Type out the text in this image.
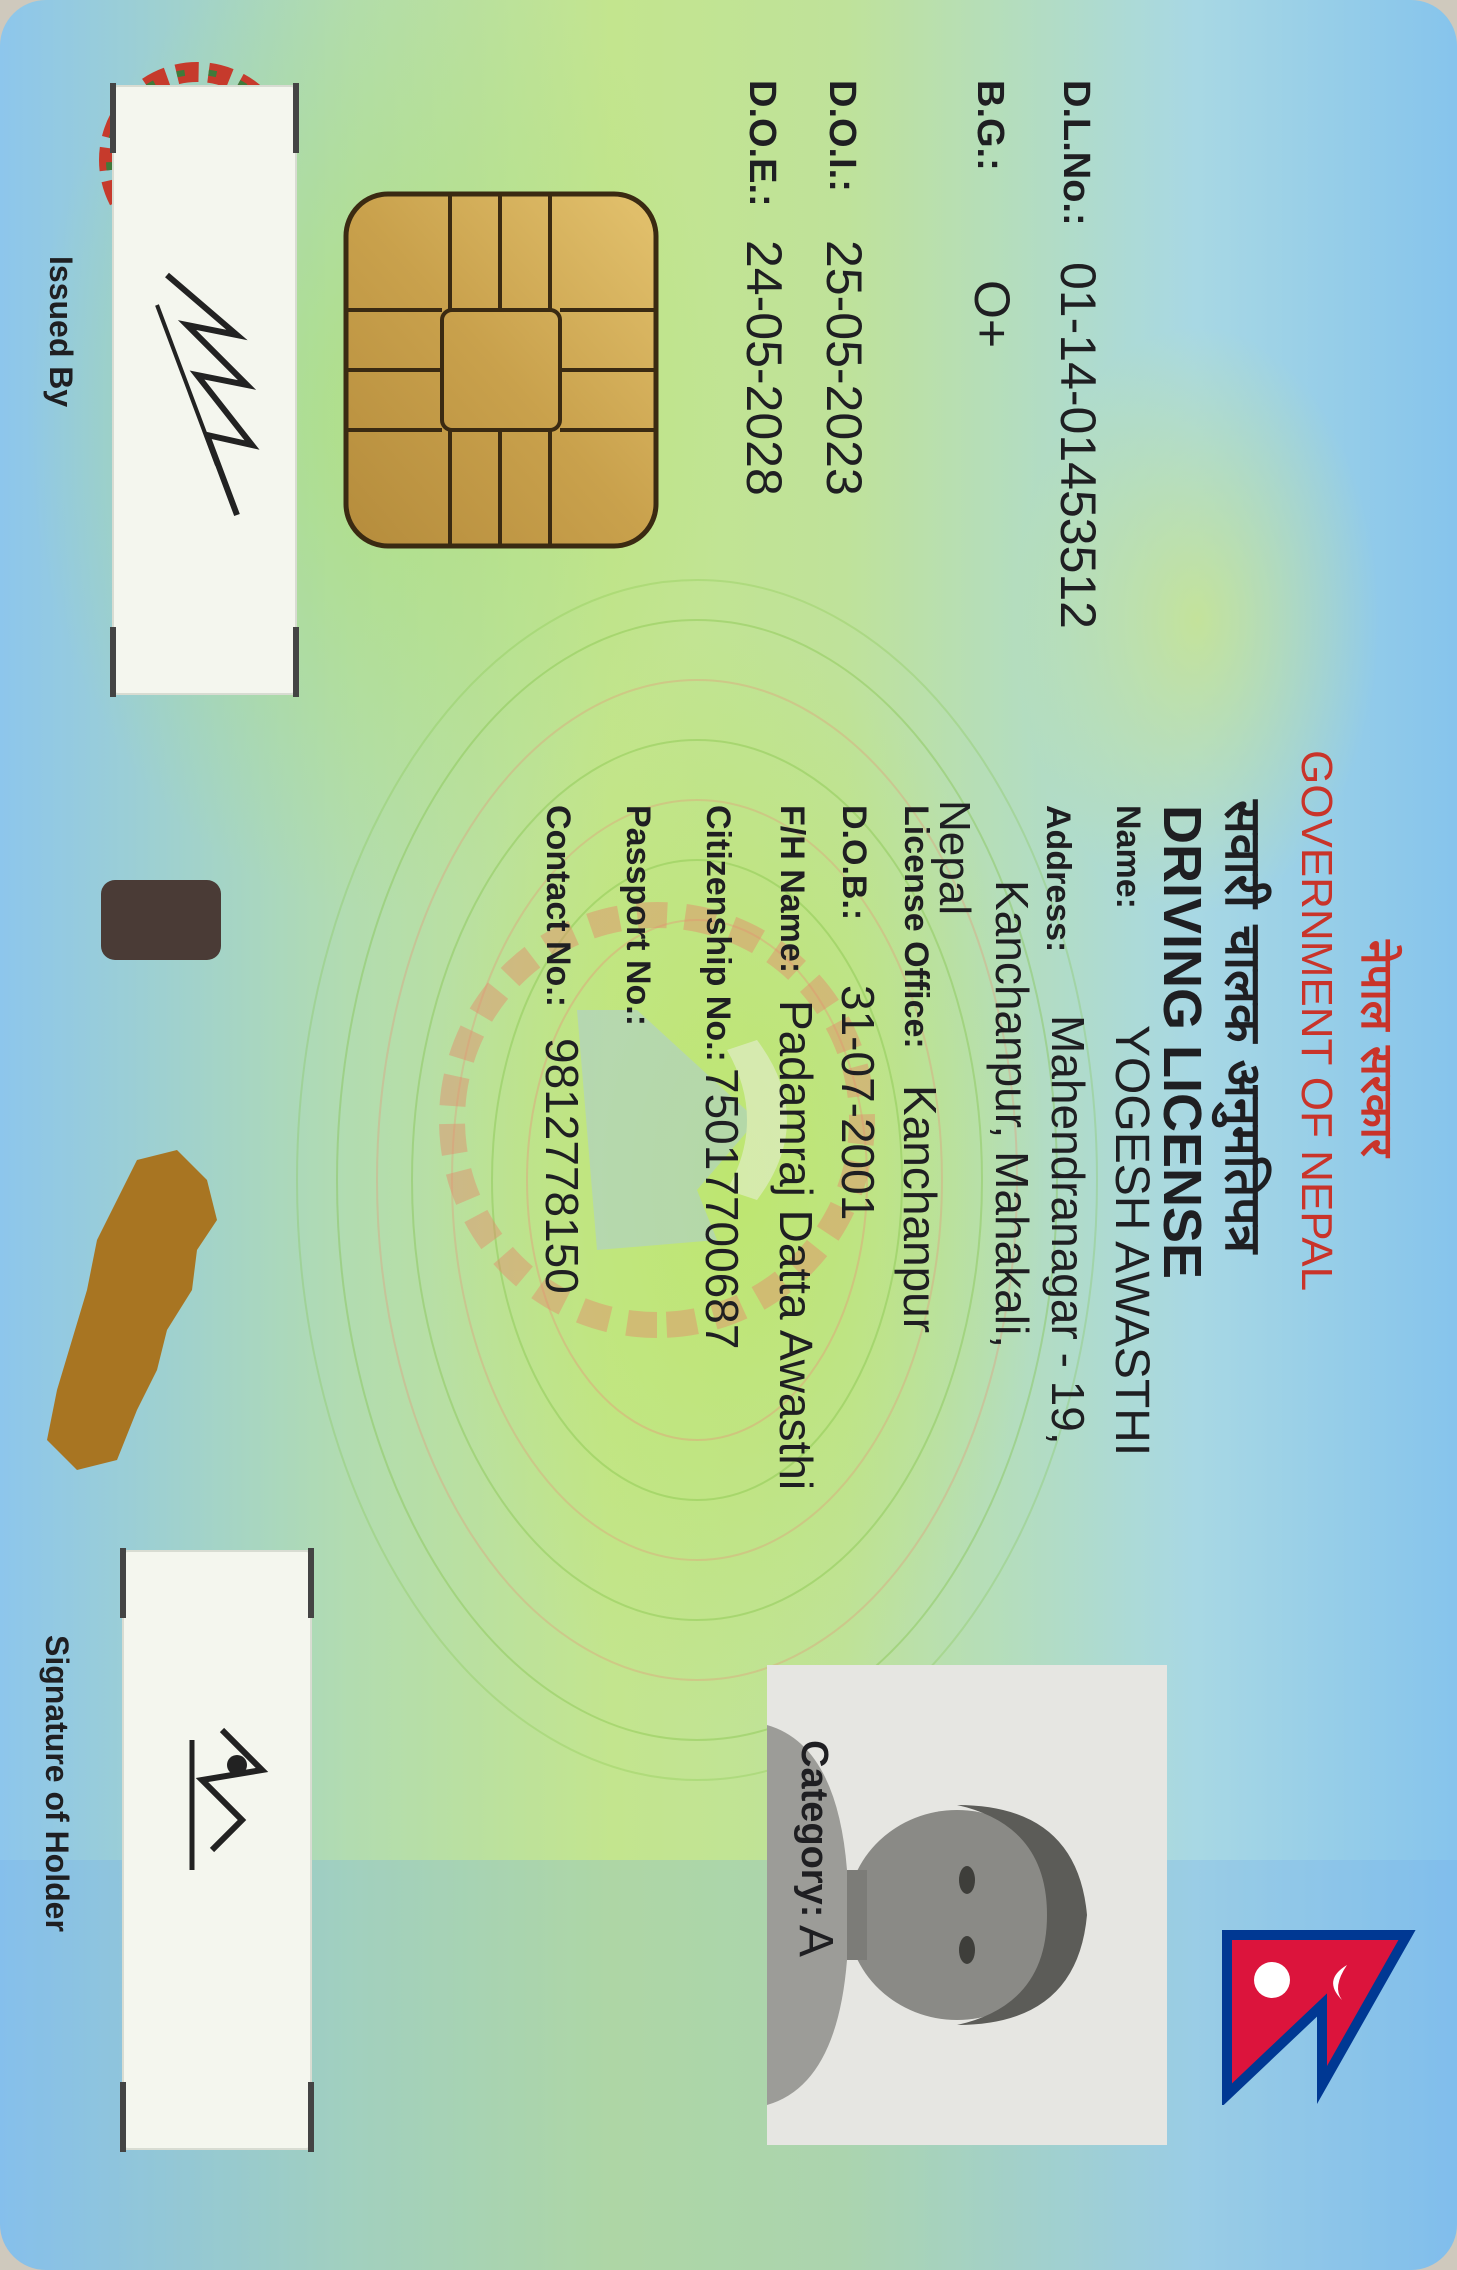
नेपाल सरकार
GOVERNMENT OF NEPAL
सवारी चालक अनुमतिपत्र
DRIVING LICENSE
D.L.No.:
01-14-01453512
B.G.:
O+
D.O.I.:
25-05-2023
D.O.E.:
24-05-2028
Issued By
Signature of Holder
Name:
YOGESH AWASTHI
Address:
Mahendranagar - 19,
Kanchanpur, Mahakali,
Nepal
License Office:
Kanchanpur
D.O.B.:
31-07-2001
F/H Name:
Padamraj Datta Awasthi
Citizenship No.:
75017700687
Passport No.:
Contact No.:
9812778150
Category:
A
